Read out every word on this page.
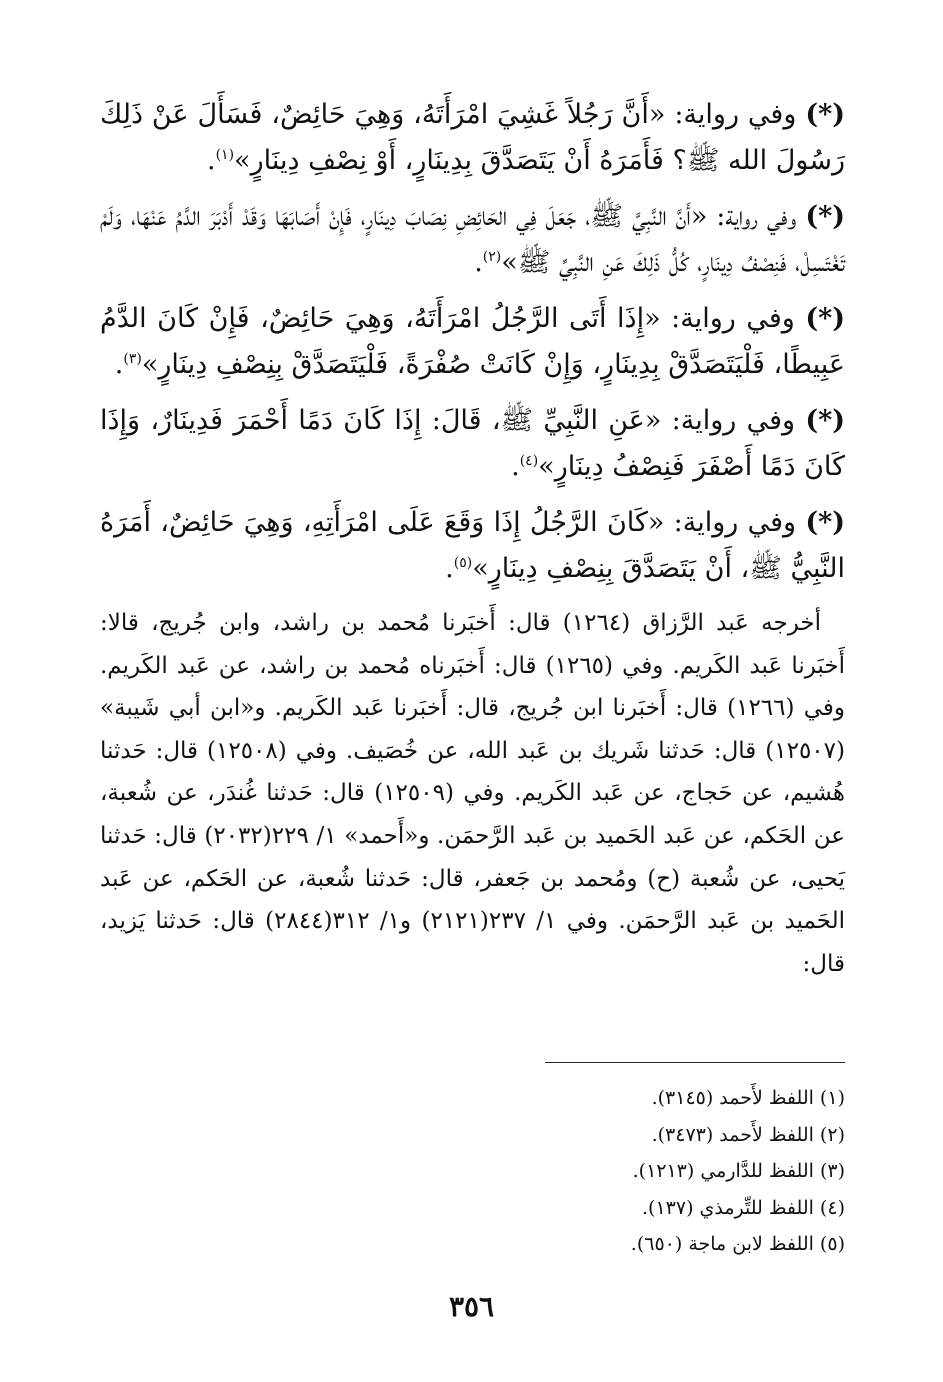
(*) وفي رواية: «أَنَّ رَجُلاً غَشِيَ امْرَأَتَهُ، وَهِيَ حَائِضٌ، فَسَأَلَ عَنْ ذَلِكَ رَسُولَ الله ﷺ؟ فَأَمَرَهُ أَنْ يَتَصَدَّقَ بِدِينَارٍ، أَوْ نِصْفِ دِينَارٍ»$^{(١)}$.

(*) وفي رواية: «أَنَّ النَّبِيَّ ﷺ، جَعَلَ فِي الحَائِضِ نِصَابَ دِينَارٍ، فَإِنْ أَصَابَهَا وَقَدْ أَدْبَرَ الدَّمُ عَنْهَا، وَلَمْ تَغْتَسِلْ، فَنِصْفُ دِينَارٍ، كُلُّ ذَلِكَ عَنِ النَّبِيِّ ﷺ»$^{(٢)}$.

(*) وفي رواية: «إِذَا أَتَى الرَّجُلُ امْرَأَتَهُ، وَهِيَ حَائِضٌ، فَإِنْ كَانَ الدَّمُ عَبِيطًا، فَلْيَتَصَدَّقْ بِدِينَارٍ، وَإِنْ كَانَتْ صُفْرَةً، فَلْيَتَصَدَّقْ بِنِصْفِ دِينَارٍ»$^{(٣)}$.

(*) وفي رواية: «عَنِ النَّبِيِّ ﷺ، قَالَ: إِذَا كَانَ دَمًا أَحْمَرَ فَدِينَارٌ، وَإِذَا كَانَ دَمًا أَصْفَرَ فَنِصْفُ دِينَارٍ»$^{(٤)}$.

(*) وفي رواية: «كَانَ الرَّجُلُ إِذَا وَقَعَ عَلَى امْرَأَتِهِ، وَهِيَ حَائِضٌ، أَمَرَهُ النَّبِيُّ ﷺ، أَنْ يَتَصَدَّقَ بِنِصْفِ دِينَارٍ»$^{(٥)}$.

أخرجه عَبد الرَّزاق (١٢٦٤) قال: أَخبَرنا مُحمد بن راشد، وابن جُريج، قالا: أَخبَرنا عَبد الكَريم. وفي (١٢٦٥) قال: أَخبَرناه مُحمد بن راشد، عن عَبد الكَريم. وفي (١٢٦٦) قال: أَخبَرنا ابن جُريج، قال: أَخبَرنا عَبد الكَريم. و«ابن أبي شَيبة» (١٢٥٠٧) قال: حَدثنا شَريك بن عَبد الله، عن خُصَيف. وفي (١٢٥٠٨) قال: حَدثنا هُشيم، عن حَجاج، عن عَبد الكَريم. وفي (١٢٥٠٩) قال: حَدثنا غُندَر، عن شُعبة، عن الحَكم، عن عَبد الحَميد بن عَبد الرَّحمَن. و«أَحمد» ١/ ٢٢٩(٢٠٣٢) قال: حَدثنا يَحيى، عن شُعبة (ح) ومُحمد بن جَعفر، قال: حَدثنا شُعبة، عن الحَكم، عن عَبد الحَميد بن عَبد الرَّحمَن. وفي ١/ ٢٣٧(٢١٢١) و١/ ٣١٢(٢٨٤٤) قال: حَدثنا يَزيد، قال:

(١) اللفظ لأَحمد (٣١٤٥).
(٢) اللفظ لأَحمد (٣٤٧٣).
(٣) اللفظ للدَّارمي (١٢١٣).
(٤) اللفظ للتِّرمذي (١٣٧).
(٥) اللفظ لابن ماجة (٦٥٠).
٣٥٦
